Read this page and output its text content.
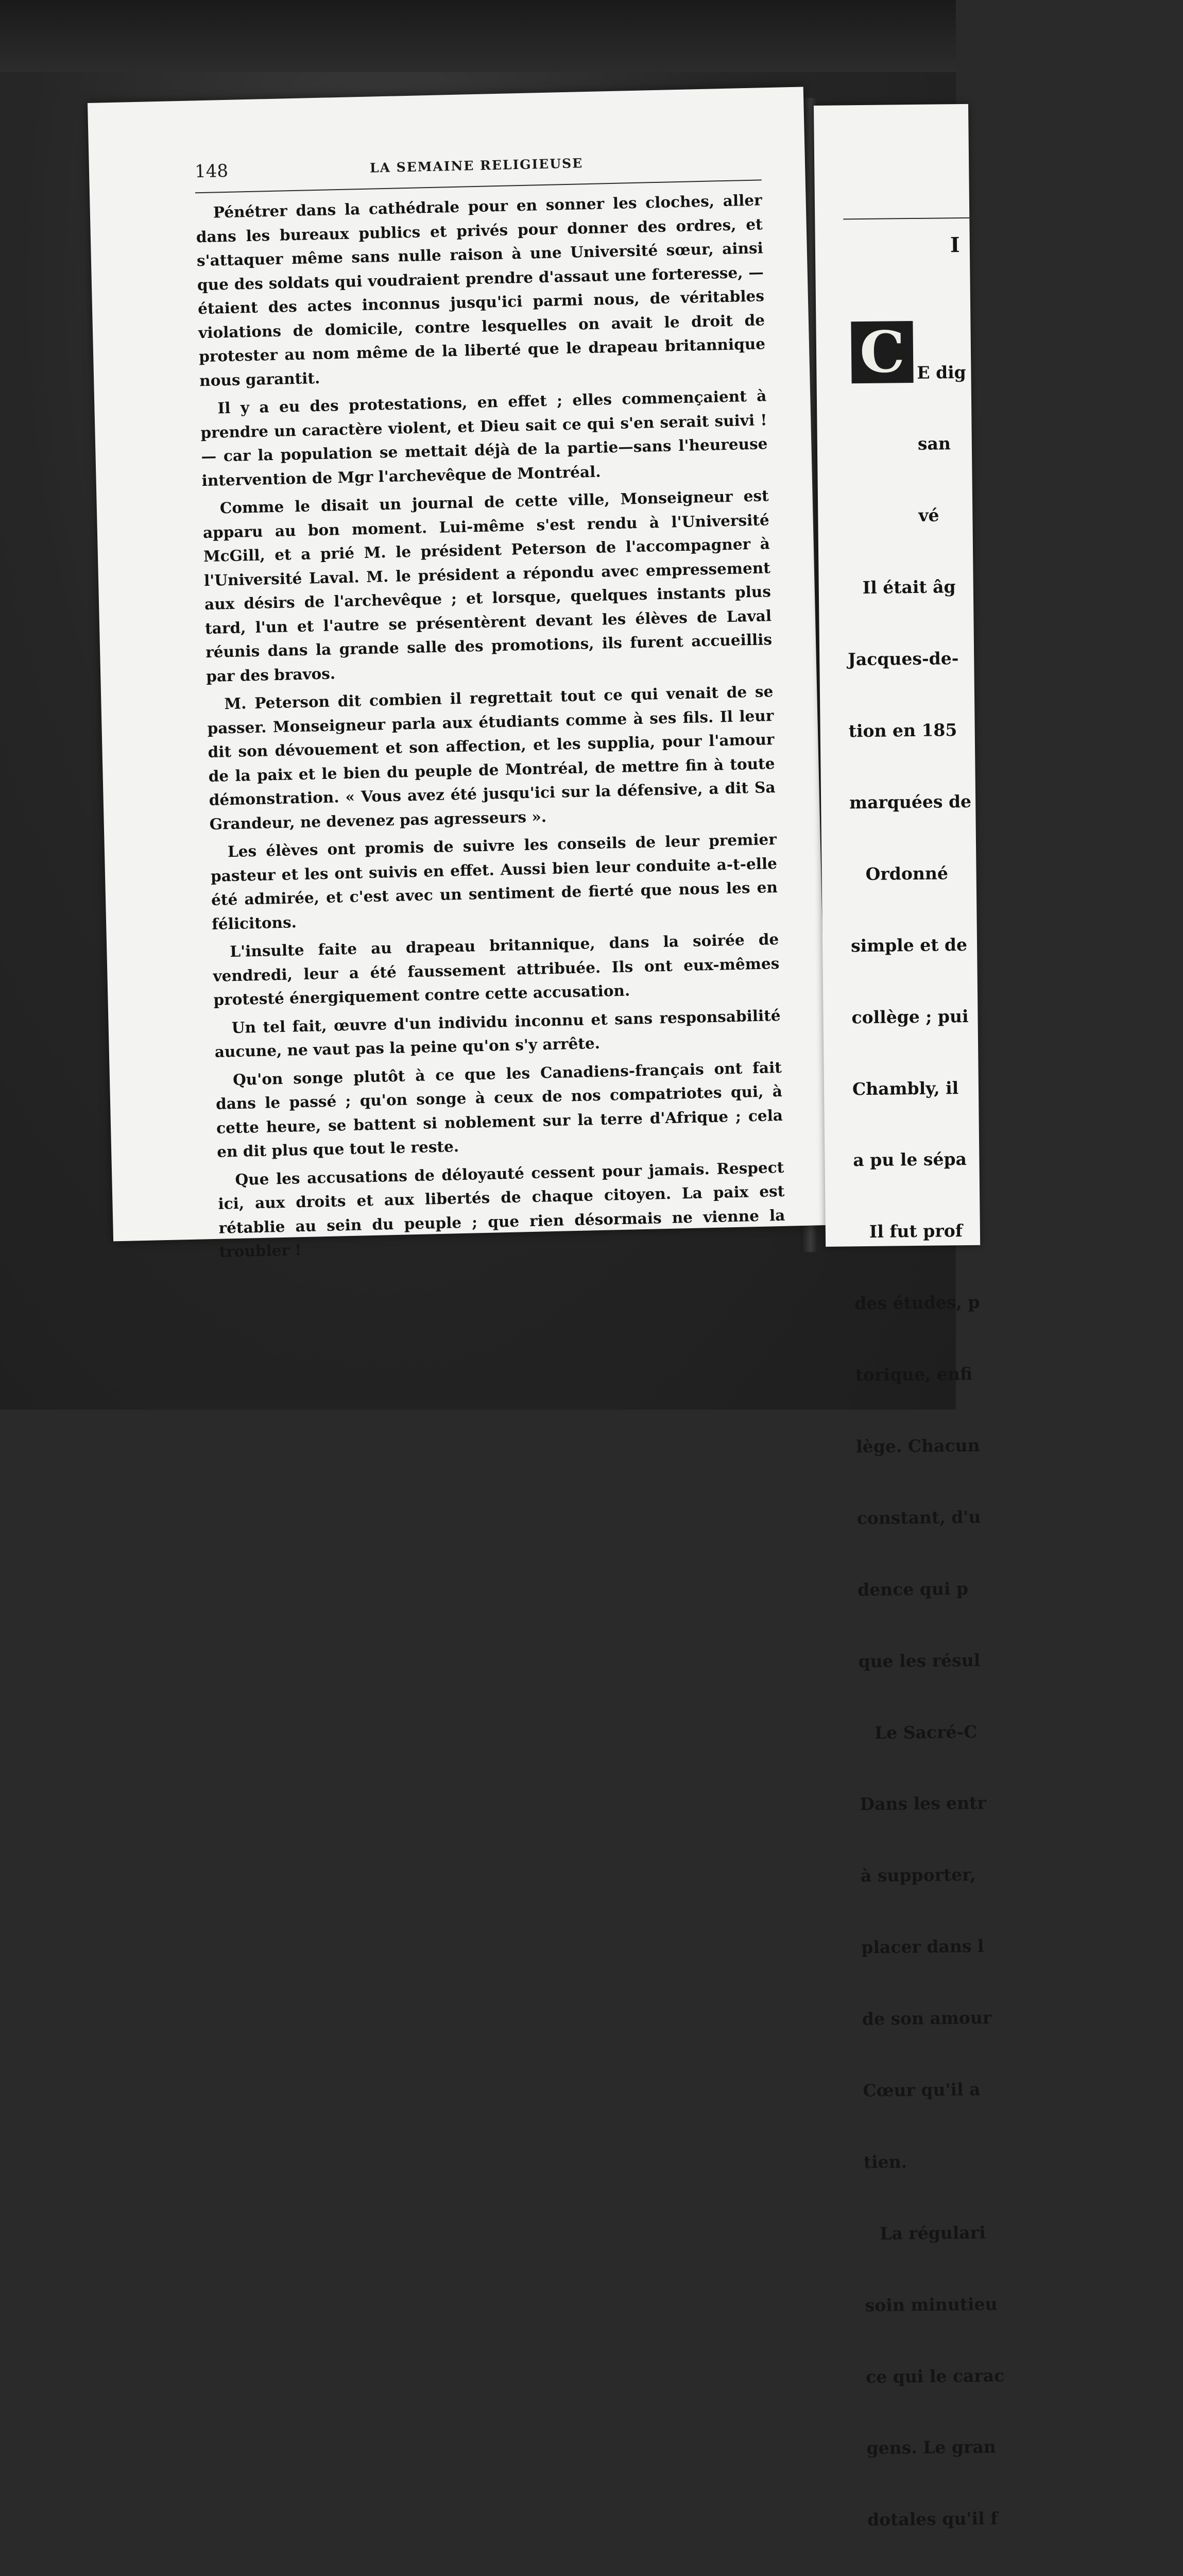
148	LA SEMAINE RELIGIEUSE

Pénétrer dans la cathédrale pour en sonner les cloches, aller dans les bureaux publics et privés pour donner des ordres, et s'attaquer même sans nulle raison à une Université sœur, ainsi que des soldats qui voudraient prendre d'assaut une forteresse, — étaient des actes inconnus jusqu'ici parmi nous, de véritables violations de domicile, contre lesquelles on avait le droit de protester au nom même de la liberté que le drapeau britannique nous garantit.

Il y a eu des protestations, en effet ; elles commençaient à prendre un caractère violent, et Dieu sait ce qui s'en serait suivi ! — car la population se mettait déjà de la partie—sans l'heureuse intervention de Mgr l'archevêque de Montréal.

Comme le disait un journal de cette ville, Monseigneur est apparu au bon moment. Lui-même s'est rendu à l'Université McGill, et a prié M. le président Peterson de l'accompagner à l'Université Laval. M. le président a répondu avec empressement aux désirs de l'archevêque ; et lorsque, quelques instants plus tard, l'un et l'autre se présentèrent devant les élèves de Laval réunis dans la grande salle des promotions, ils furent accueillis par des bravos.

M. Peterson dit combien il regrettait tout ce qui venait de se passer. Monseigneur parla aux étudiants comme à ses fils. Il leur dit son dévouement et son affection, et les supplia, pour l'amour de la paix et le bien du peuple de Montréal, de mettre fin à toute démonstration. « Vous avez été jusqu'ici sur la défensive, a dit Sa Grandeur, ne devenez pas agresseurs ».

Les élèves ont promis de suivre les conseils de leur premier pasteur et les ont suivis en effet. Aussi bien leur conduite a-t-elle été admirée, et c'est avec un sentiment de fierté que nous les en félicitons.

L'insulte faite au drapeau britannique, dans la soirée de vendredi, leur a été faussement attribuée. Ils ont eux-mêmes protesté énergiquement contre cette accusation.

Un tel fait, œuvre d'un individu inconnu et sans responsabilité aucune, ne vaut pas la peine qu'on s'y arrête.

Qu'on songe plutôt à ce que les Canadiens-français ont fait dans le passé ; qu'on songe à ceux de nos compatriotes qui, à cette heure, se battent si noblement sur la terre d'Afrique ; cela en dit plus que tout le reste.

Que les accusations de déloyauté cessent pour jamais. Respect ici, aux droits et aux libertés de chaque citoyen. La paix est rétablie au sein du peuple ; que rien désormais ne vienne la troubler !

I
C

E dig

san

vé

Il était âg

Jacques-de-

tion en 185

marquées de

Ordonné

simple et de

collège ; pui

Chambly, il

a pu le sépa

Il fut prof

des études, p

torique, enfi

lège. Chacun

constant, d'u

dence qui p

que les résul

Le Sacré-C

Dans les entr

à supporter,

placer dans l

de son amour

Cœur qu'il a

tien.

La régulari

soin minutieu

ce qui le carac

gens. Le gran

dotales qu'il f
